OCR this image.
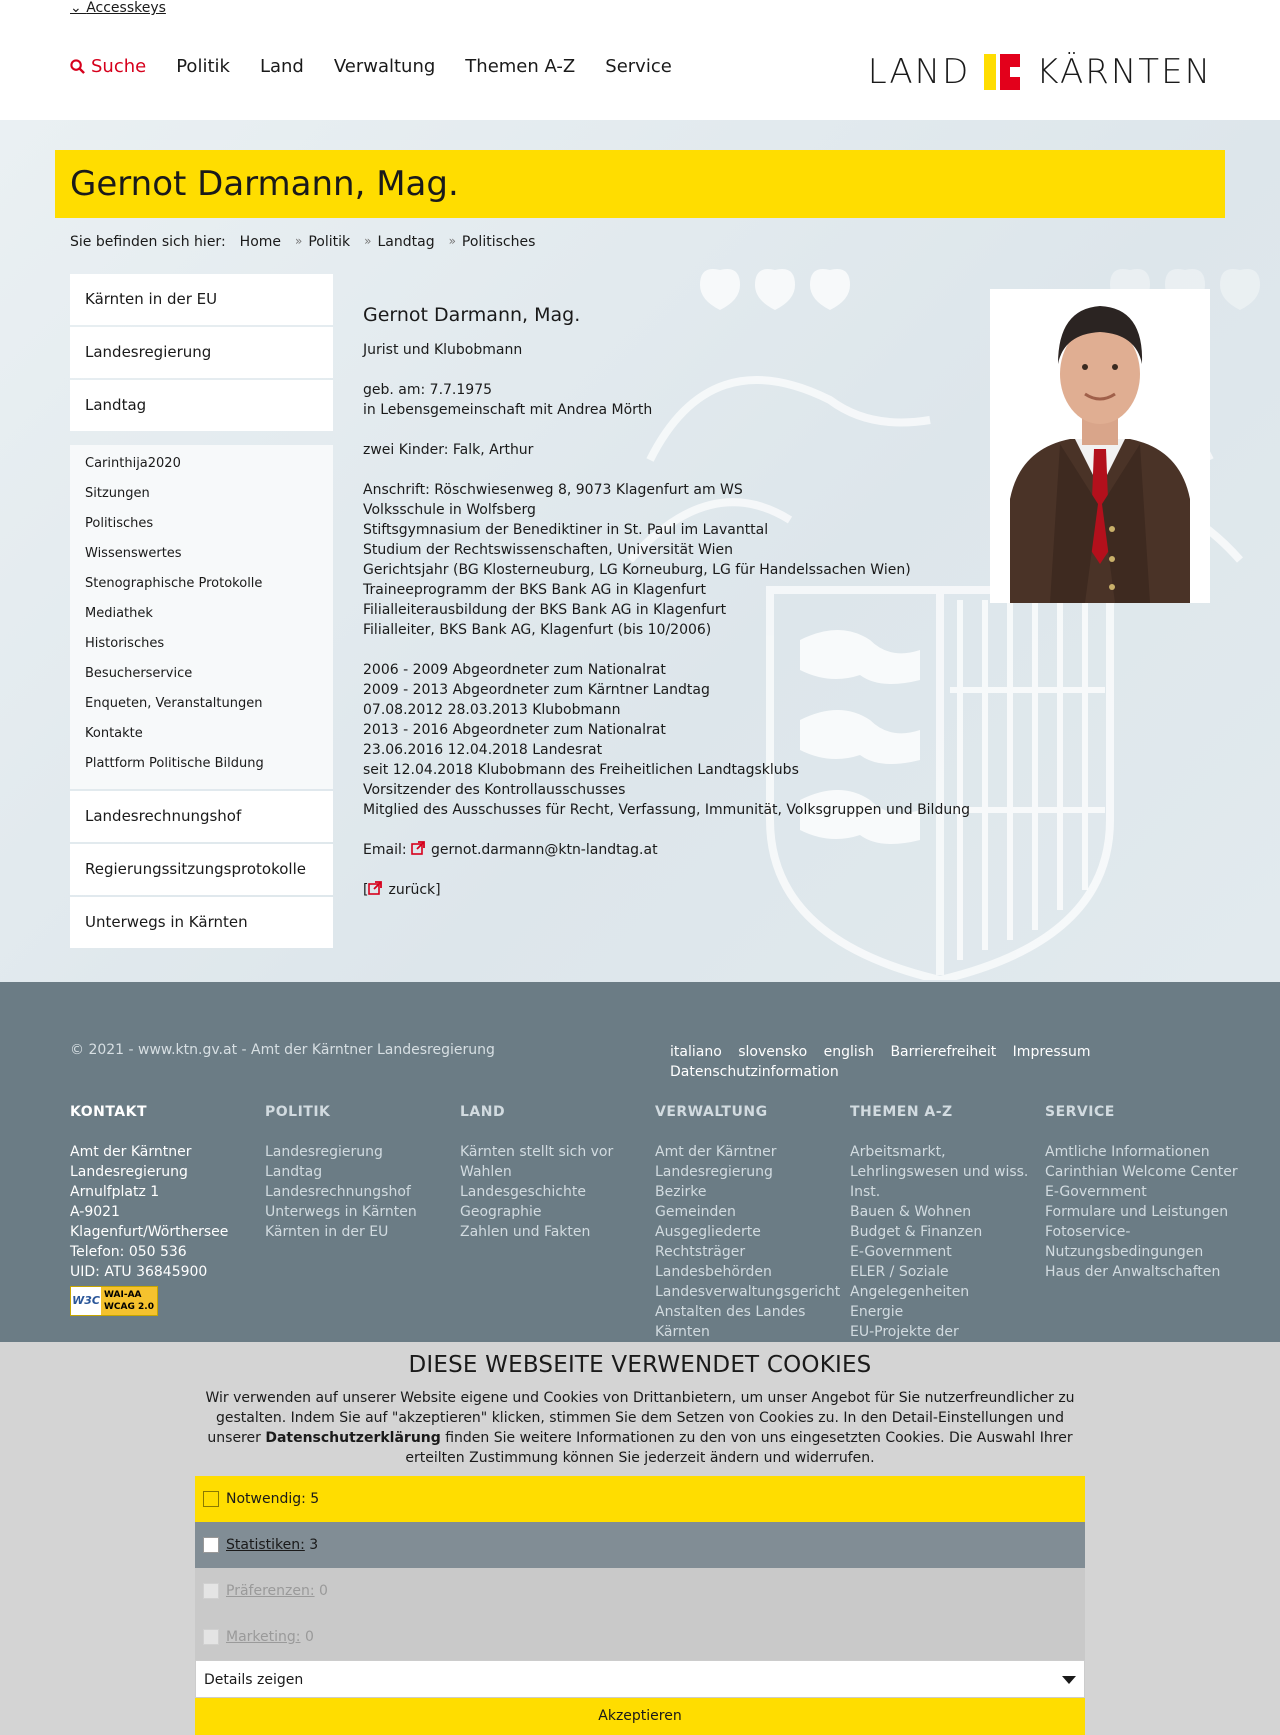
⌄ Accesskeys
Suche Politik Land Verwaltung Themen A-Z Service	LAND KÄRNTEN
Gernot Darmann, Mag.
Sie befinden sich hier: Home » Politik » Landtag » Politisches
Kärnten in der EU
Landesregierung
Landtag
Carinthija2020
Sitzungen
Politisches
Wissenswertes
Stenographische Protokolle
Mediathek
Historisches
Besucherservice
Enqueten, Veranstaltungen
Kontakte
Plattform Politische Bildung
Landesrechnungshof
Regierungssitzungsprotokolle
Unterwegs in Kärnten
Gernot Darmann, Mag.
Jurist und Klubobmann
geb. am: 7.7.1975
in Lebensgemeinschaft mit Andrea Mörth
zwei Kinder: Falk, Arthur
Anschrift: Röschwiesenweg 8, 9073 Klagenfurt am WS
Volksschule in Wolfsberg
Stiftsgymnasium der Benediktiner in St. Paul im Lavanttal
Studium der Rechtswissenschaften, Universität Wien
Gerichtsjahr (BG Klosterneuburg, LG Korneuburg, LG für Handelssachen Wien)
Traineeprogramm der BKS Bank AG in Klagenfurt
Filialleiterausbildung der BKS Bank AG in Klagenfurt
Filialleiter, BKS Bank AG, Klagenfurt (bis 10/2006)
2006 - 2009 Abgeordneter zum Nationalrat
2009 - 2013 Abgeordneter zum Kärntner Landtag
07.08.2012 28.03.2013 Klubobmann
2013 - 2016 Abgeordneter zum Nationalrat
23.06.2016 12.04.2018 Landesrat
seit 12.04.2018 Klubobmann des Freiheitlichen Landtagsklubs
Vorsitzender des Kontrollausschusses
Mitglied des Ausschusses für Recht, Verfassung, Immunität, Volksgruppen und Bildung
Email: gernot.darmann@ktn-landtag.at
[ zurück]
© 2021 - www.ktn.gv.at - Amt der Kärntner Landesregierung	italiano slovensko english Barrierefreiheit Impressum Datenschutzinformation
KONTAKT
Amt der Kärntner Landesregierung
Arnulfplatz 1
A-9021 Klagenfurt/Wörthersee
Telefon: 050 536
UID: ATU 36845900
W3C WAI-AA WCAG 2.0
POLITIK
Landesregierung
Landtag
Landesrechnungshof
Unterwegs in Kärnten
Kärnten in der EU
LAND
Kärnten stellt sich vor
Wahlen
Landesgeschichte
Geographie
Zahlen und Fakten
VERWALTUNG
Amt der Kärntner Landesregierung
Bezirke
Gemeinden
Ausgegliederte Rechtsträger
Landesbehörden
Landesverwaltungsgericht
Anstalten des Landes Kärnten
THEMEN A-Z
Arbeitsmarkt, Lehrlingswesen und wiss. Inst.
Bauen & Wohnen
Budget & Finanzen
E-Government
ELER / Soziale Angelegenheiten
Energie
EU-Projekte der
SERVICE
Amtliche Informationen
Carinthian Welcome Center
E-Government
Formulare und Leistungen
Fotoservice-Nutzungsbedingungen
Haus der Anwaltschaften
DIESE WEBSEITE VERWENDET COOKIES

Wir verwenden auf unserer Website eigene und Cookies von Drittanbietern, um unser Angebot für Sie nutzerfreundlicher zu gestalten. Indem Sie auf "akzeptieren" klicken, stimmen Sie dem Setzen von Cookies zu. In den Detail-Einstellungen und unserer Datenschutzerklärung finden Sie weitere Informationen zu den von uns eingesetzten Cookies. Die Auswahl Ihrer erteilten Zustimmung können Sie jederzeit ändern und widerrufen.

Notwendig:
5
Statistiken:
3
Präferenzen:
0
Marketing:
0
Details zeigen
Akzeptieren
